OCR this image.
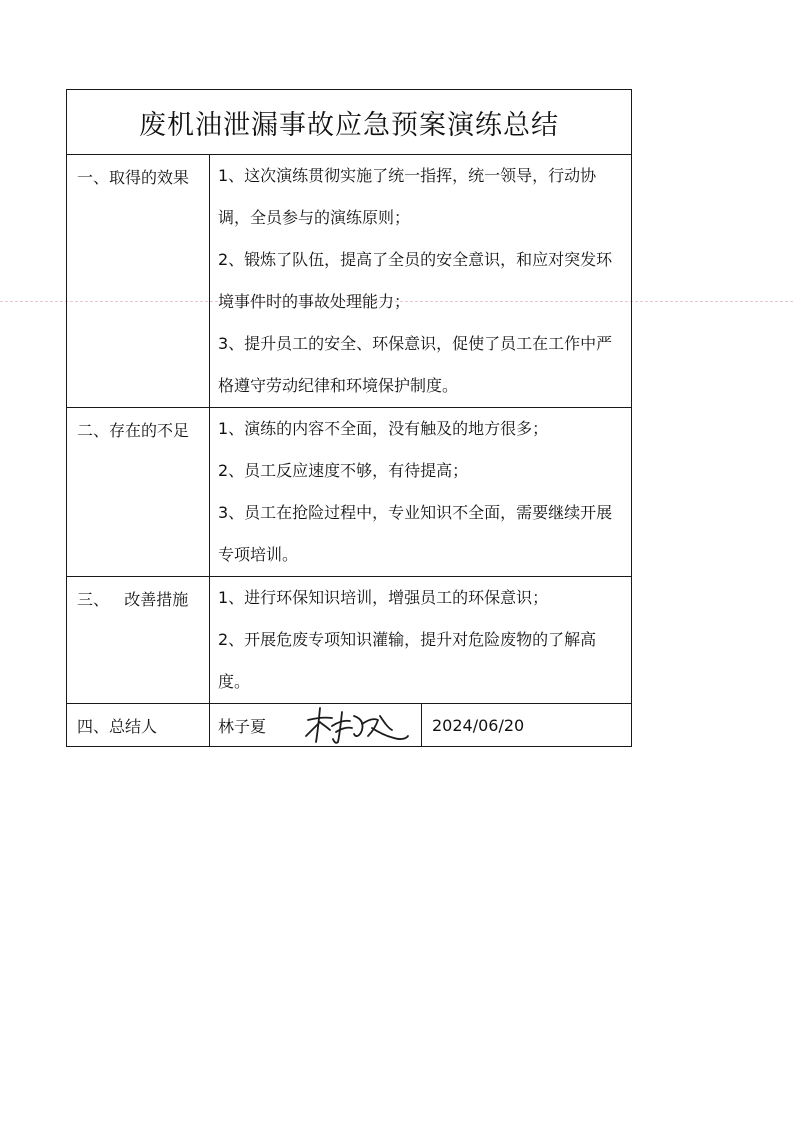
废机油泄漏事故应急预案演练总结		
一、取得的效果	1、这次演练贯彻实施了统一指挥，统一领导，行动协调，全员参与的演练原则；

2、锻炼了队伍，提高了全员的安全意识，和应对突发环境事件时的事故处理能力；

3、提升员工的安全、环保意识，促使了员工在工作中严格遵守劳动纪律和环境保护制度。	

二、存在的不足	1、演练的内容不全面，没有触及的地方很多；

2、员工反应速度不够，有待提高；

3、员工在抢险过程中，专业知识不全面，需要继续开展专项培训。	

三、   改善措施	1、进行环保知识培训，增强员工的环保意识；

2、开展危废专项知识灌输，提升对危险废物的了解高度。	

四、总结人	林子夏	2024/06/20
